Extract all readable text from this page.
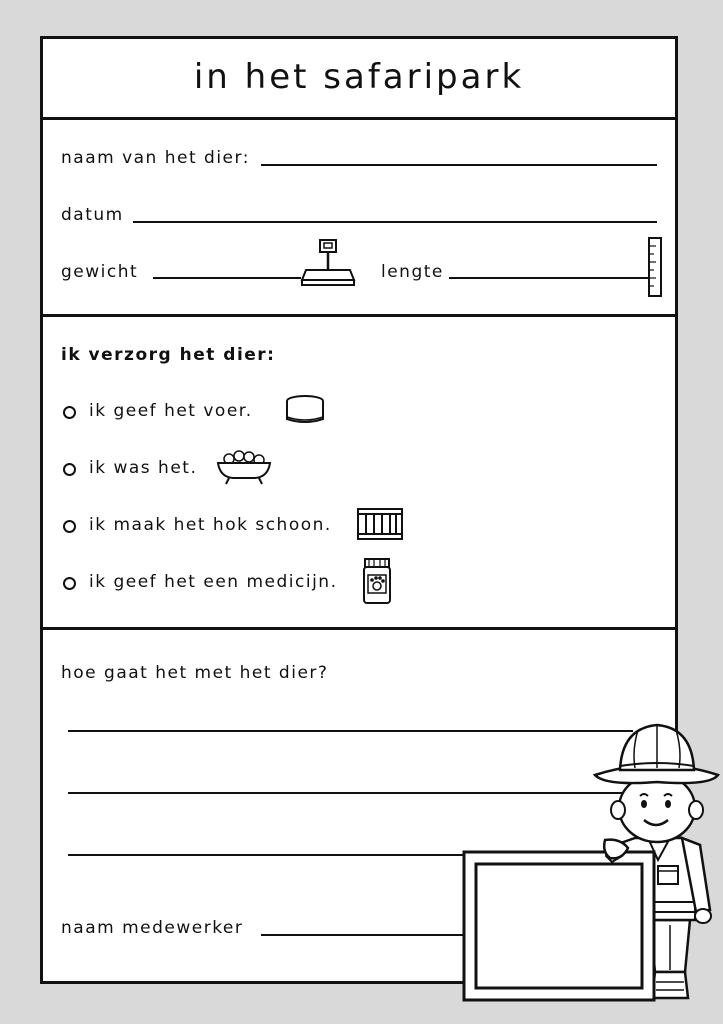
in het safaripark
naam van het dier:
datum
gewicht	lengte
ik verzorg het dier:
ik geef het voer.
ik was het.
ik maak het hok schoon.
ik geef het een medicijn.
hoe gaat het met het dier?
naam medewerker
